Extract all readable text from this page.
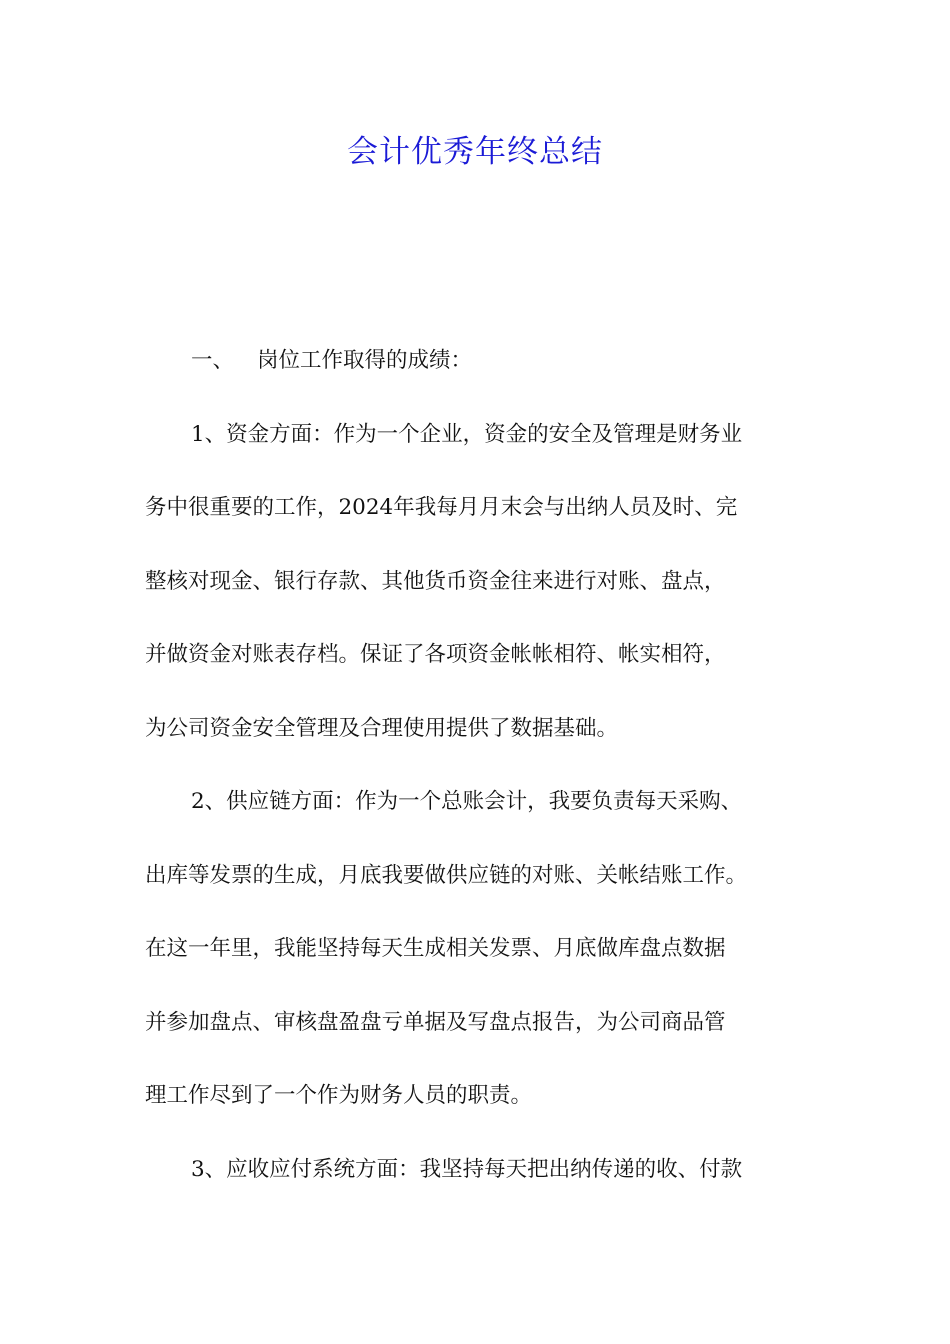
会计优秀年终总结
一、 岗位工作取得的成绩：
1、资金方面：作为一个企业，资金的安全及管理是财务业
务中很重要的工作，2024年我每月月末会与出纳人员及时、完
整核对现金、银行存款、其他货币资金往来进行对账、盘点，
并做资金对账表存档。保证了各项资金帐帐相符、帐实相符，
为公司资金安全管理及合理使用提供了数据基础。
2、供应链方面：作为一个总账会计，我要负责每天采购、
出库等发票的生成，月底我要做供应链的对账、关帐结账工作。
在这一年里，我能坚持每天生成相关发票、月底做库盘点数据
并参加盘点、审核盘盈盘亏单据及写盘点报告，为公司商品管
理工作尽到了一个作为财务人员的职责。
3、应收应付系统方面：我坚持每天把出纳传递的收、付款
